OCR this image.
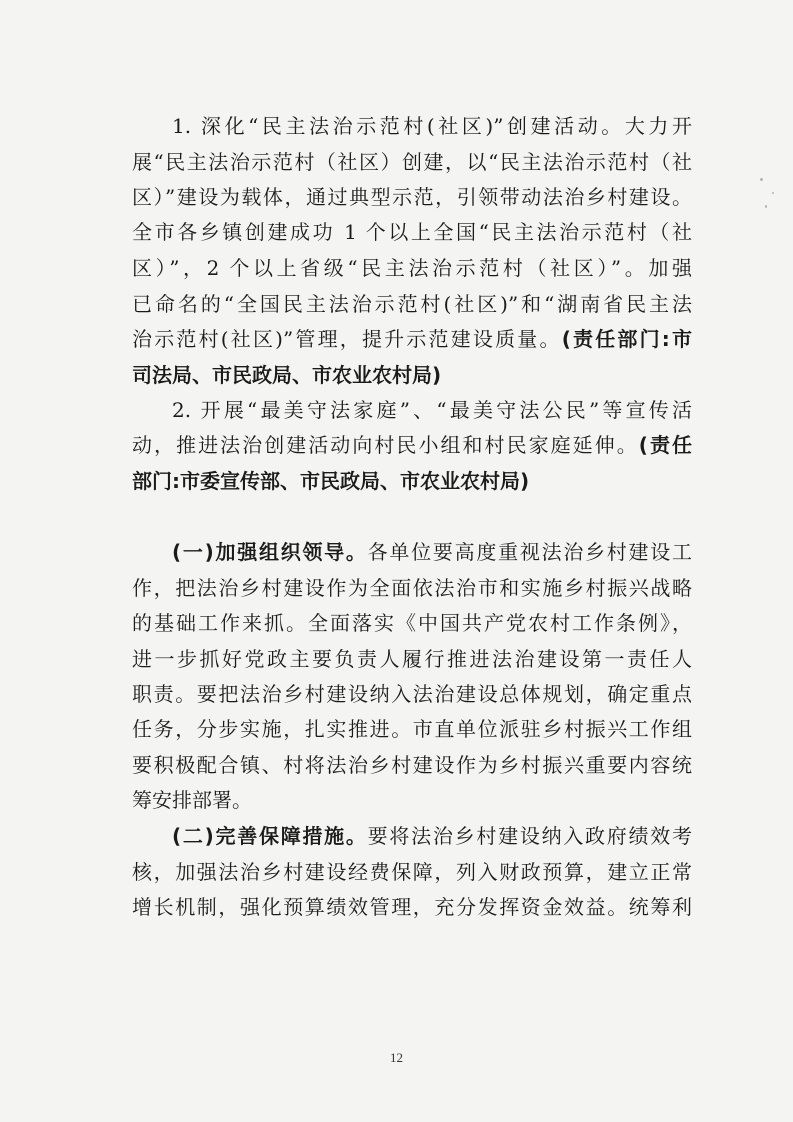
1. 深化“民主法治示范村(社区)”创建活动。大力开
展“民主法治示范村（社区）创建，以“民主法治示范村（社
区）”建设为载体，通过典型示范，引领带动法治乡村建设。
全市各乡镇创建成功 1 个以上全国“民主法治示范村（社
区）”，2 个以上省级“民主法治示范村（社区）”。加强
已命名的“全国民主法治示范村(社区)”和“湖南省民主法
治示范村(社区)”管理，提升示范建设质量。(责任部门:市
司法局、市民政局、市农业农村局)
2. 开展“最美守法家庭”、“最美守法公民”等宣传活
动，推进法治创建活动向村民小组和村民家庭延伸。(责任
部门:市委宣传部、市民政局、市农业农村局)
(一)加强组织领导。各单位要高度重视法治乡村建设工
作，把法治乡村建设作为全面依法治市和实施乡村振兴战略
的基础工作来抓。全面落实《中国共产党农村工作条例》，
进一步抓好党政主要负责人履行推进法治建设第一责任人
职责。要把法治乡村建设纳入法治建设总体规划，确定重点
任务，分步实施，扎实推进。市直单位派驻乡村振兴工作组
要积极配合镇、村将法治乡村建设作为乡村振兴重要内容统
筹安排部署。
(二)完善保障措施。要将法治乡村建设纳入政府绩效考
核，加强法治乡村建设经费保障，列入财政预算，建立正常
增长机制，强化预算绩效管理，充分发挥资金效益。统筹利
12
